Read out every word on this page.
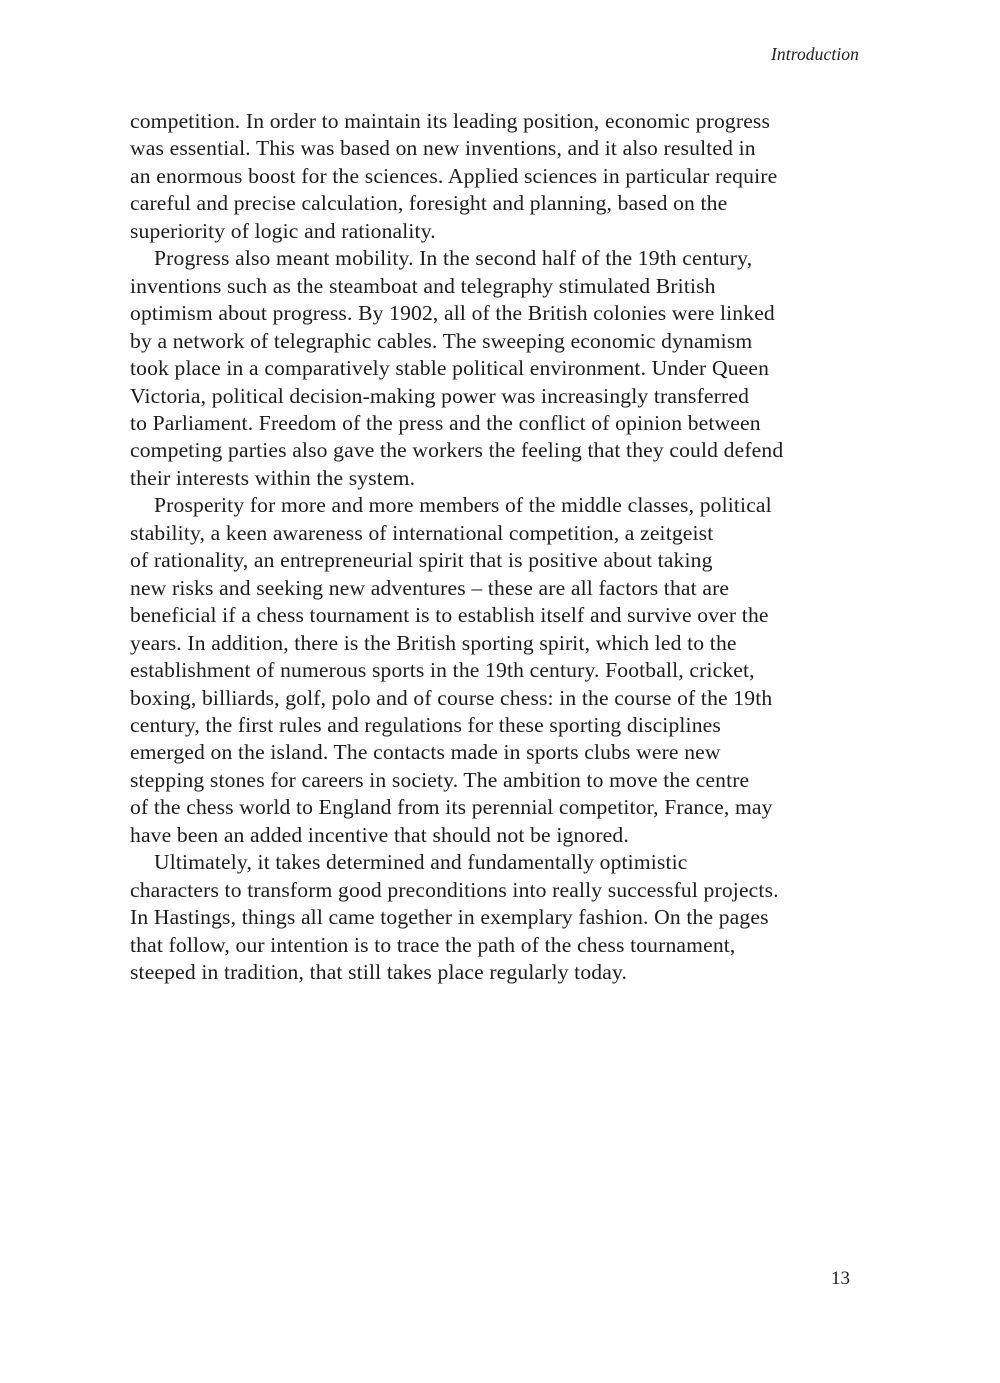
Introduction

competition. In order to maintain its leading position, economic progress
was essential. This was based on new inventions, and it also resulted in
an enormous boost for the sciences. Applied sciences in particular require
careful and precise calculation, foresight and planning, based on the
superiority of logic and rationality.

Progress also meant mobility. In the second half of the 19th century,
inventions such as the steamboat and telegraphy stimulated British
optimism about progress. By 1902, all of the British colonies were linked
by a network of telegraphic cables. The sweeping economic dynamism
took place in a comparatively stable political environment. Under Queen
Victoria, political decision-making power was increasingly transferred
to Parliament. Freedom of the press and the conflict of opinion between
competing parties also gave the workers the feeling that they could defend
their interests within the system.

Prosperity for more and more members of the middle classes, political
stability, a keen awareness of international competition, a zeitgeist
of rationality, an entrepreneurial spirit that is positive about taking
new risks and seeking new adventures – these are all factors that are
beneficial if a chess tournament is to establish itself and survive over the
years. In addition, there is the British sporting spirit, which led to the
establishment of numerous sports in the 19th century. Football, cricket,
boxing, billiards, golf, polo and of course chess: in the course of the 19th
century, the first rules and regulations for these sporting disciplines
emerged on the island. The contacts made in sports clubs were new
stepping stones for careers in society. The ambition to move the centre
of the chess world to England from its perennial competitor, France, may
have been an added incentive that should not be ignored.

Ultimately, it takes determined and fundamentally optimistic
characters to transform good preconditions into really successful projects.
In Hastings, things all came together in exemplary fashion. On the pages
that follow, our intention is to trace the path of the chess tournament,
steeped in tradition, that still takes place regularly today.

13
